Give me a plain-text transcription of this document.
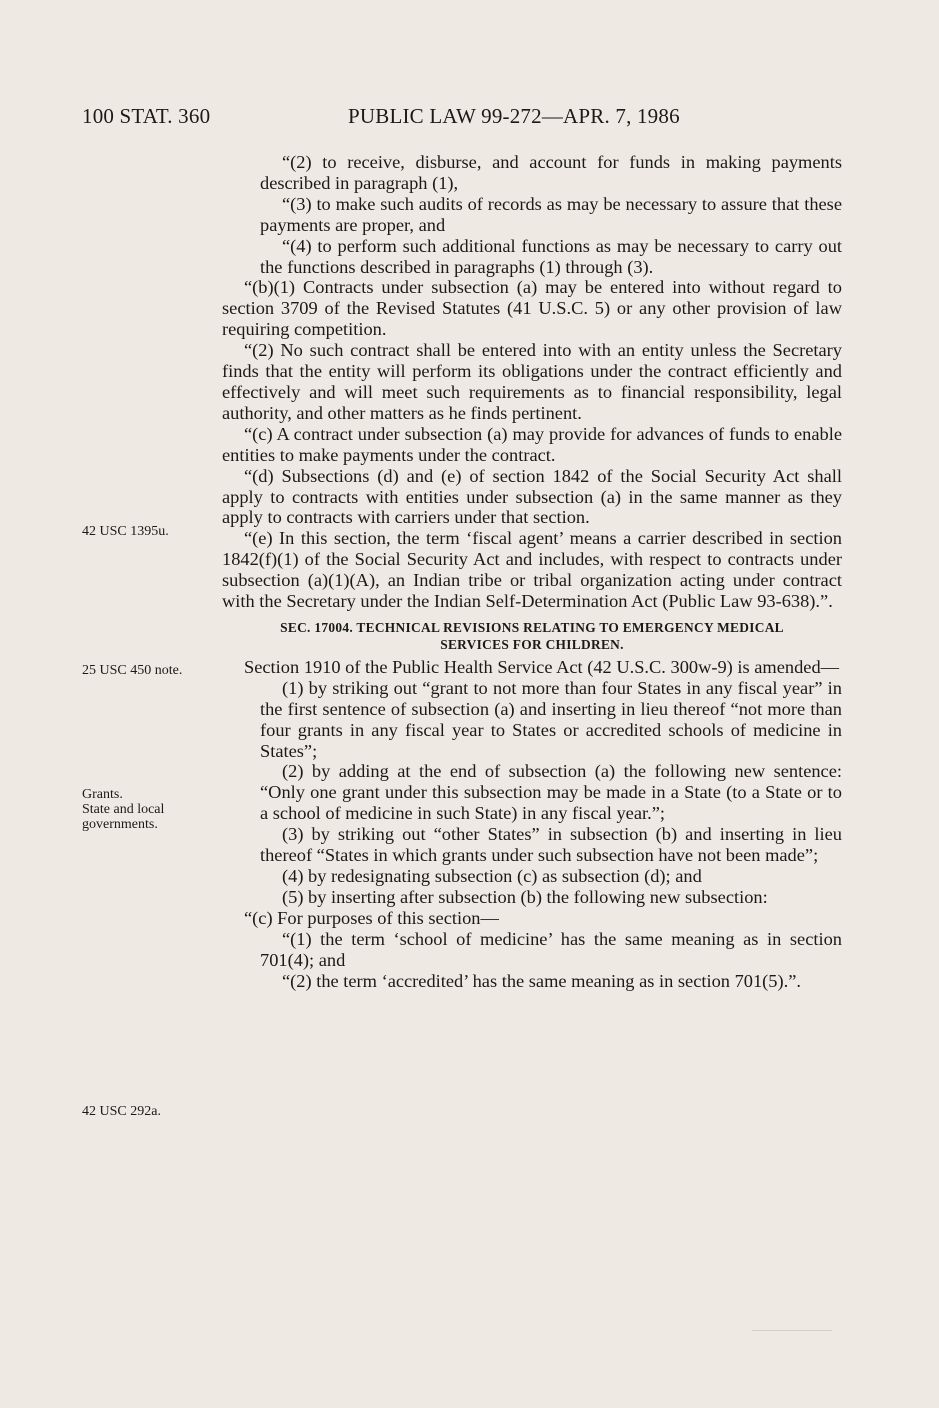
100 STAT. 360	PUBLIC LAW 99-272—APR. 7, 1986
42 USC 1395u.
25 USC 450 note.
Grants.
State and local
governments.
42 USC 292a.

“(2) to receive, disburse, and account for funds in making payments described in paragraph (1),

“(3) to make such audits of records as may be necessary to assure that these payments are proper, and

“(4) to perform such additional functions as may be necessary to carry out the functions described in paragraphs (1) through (3).

“(b)(1) Contracts under subsection (a) may be entered into without regard to section 3709 of the Revised Statutes (41 U.S.C. 5) or any other provision of law requiring competition.

“(2) No such contract shall be entered into with an entity unless the Secretary finds that the entity will perform its obligations under the contract efficiently and effectively and will meet such requirements as to financial responsibility, legal authority, and other matters as he finds pertinent.

“(c) A contract under subsection (a) may provide for advances of funds to enable entities to make payments under the contract.

“(d) Subsections (d) and (e) of section 1842 of the Social Security Act shall apply to contracts with entities under subsection (a) in the same manner as they apply to contracts with carriers under that section.

“(e) In this section, the term ‘fiscal agent’ means a carrier described in section 1842(f)(1) of the Social Security Act and includes, with respect to contracts under subsection (a)(1)(A), an Indian tribe or tribal organization acting under contract with the Secretary under the Indian Self-Determination Act (Public Law 93-638).”.

SEC. 17004. TECHNICAL REVISIONS RELATING TO EMERGENCY MEDICAL
SERVICES FOR CHILDREN.

Section 1910 of the Public Health Service Act (42 U.S.C. 300w-9) is amended—

(1) by striking out “grant to not more than four States in any fiscal year” in the first sentence of subsection (a) and inserting in lieu thereof “not more than four grants in any fiscal year to States or accredited schools of medicine in States”;

(2) by adding at the end of subsection (a) the following new sentence: “Only one grant under this subsection may be made in a State (to a State or to a school of medicine in such State) in any fiscal year.”;

(3) by striking out “other States” in subsection (b) and inserting in lieu thereof “States in which grants under such subsection have not been made”;

(4) by redesignating subsection (c) as subsection (d); and

(5) by inserting after subsection (b) the following new subsection:

“(c) For purposes of this section—

“(1) the term ‘school of medicine’ has the same meaning as in section 701(4); and

“(2) the term ‘accredited’ has the same meaning as in section 701(5).”.
